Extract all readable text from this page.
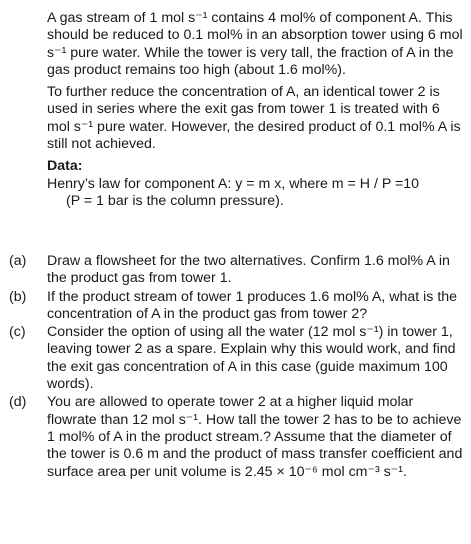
A gas stream of 1 mol s⁻¹ contains 4 mol% of component A. This should be reduced to 0.1 mol% in an absorption tower using 6 mol s⁻¹ pure water. While the tower is very tall, the fraction of A in the gas product remains too high (about 1.6 mol%).

To further reduce the concentration of A, an identical tower 2 is used in series where the exit gas from tower 1 is treated with 6 mol s⁻¹ pure water. However, the desired product of 0.1 mol% A is still not achieved.

Data:

Henry’s law for component A: y = m x, where m = H / P =10

(P = 1 bar is the column pressure).

(a)	Draw a flowsheet for the two alternatives. Confirm 1.6 mol% A in the product gas from tower 1.

(b)	If the product stream of tower 1 produces 1.6 mol% A, what is the concentration of A in the product gas from tower 2?

(c)	Consider the option of using all the water (12 mol s⁻¹) in tower 1, leaving tower 2 as a spare. Explain why this would work, and find the exit gas concentration of A in this case (guide maximum 100 words).

(d)	You are allowed to operate tower 2 at a higher liquid molar flowrate than 12 mol s⁻¹. How tall the tower 2 has to be to achieve 1 mol% of A in the product stream.? Assume that the diameter of the tower is 0.6 m and the product of mass transfer coefficient and surface area per unit volume is 2.45 × 10⁻⁶ mol cm⁻³ s⁻¹.
